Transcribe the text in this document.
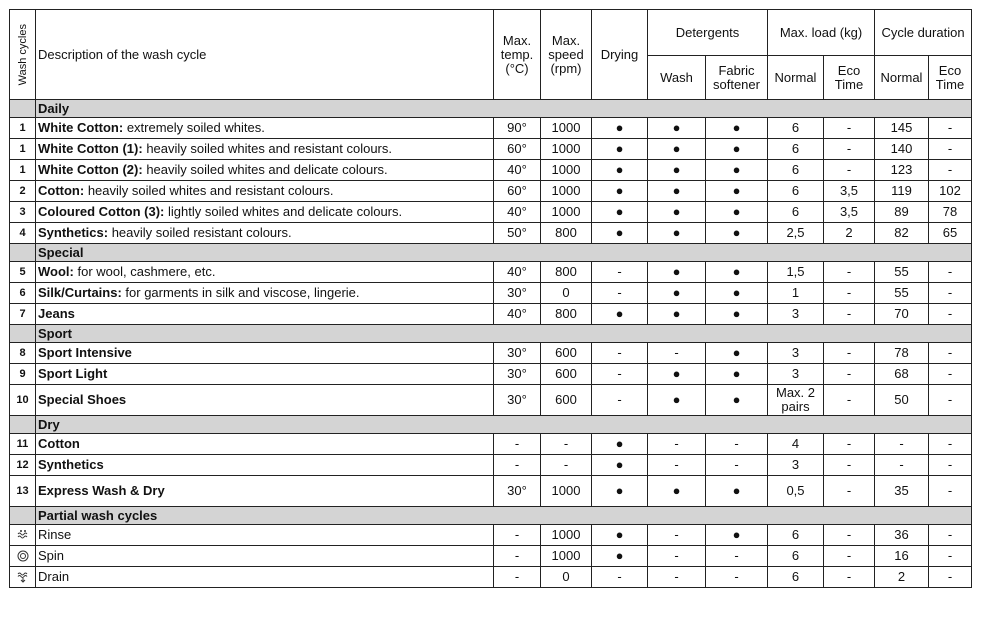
Wash cycles	Description of the wash cycle	Max. temp. (°C)	Max. speed (rpm)	Drying	Detergents		Max. load (kg)		Cycle duration	
					Wash	Fabric softener	Normal	Eco Time	Normal	Eco Time
	Daily									
1	White Cotton: extremely soiled whites.	90°	1000	●	●	●	6	-	145	-
1	White Cotton (1): heavily soiled whites and resistant colours.	60°	1000	●	●	●	6	-	140	-
1	White Cotton (2): heavily soiled whites and delicate colours.	40°	1000	●	●	●	6	-	123	-
2	Cotton: heavily soiled whites and resistant colours.	60°	1000	●	●	●	6	3,5	119	102
3	Coloured Cotton (3): lightly soiled whites and delicate colours.	40°	1000	●	●	●	6	3,5	89	78
4	Synthetics: heavily soiled resistant colours.	50°	800	●	●	●	2,5	2	82	65
	Special									
5	Wool: for wool, cashmere, etc.	40°	800	-	●	●	1,5	-	55	-
6	Silk/Curtains: for garments in silk and viscose, lingerie.	30°	0	-	●	●	1	-	55	-
7	Jeans	40°	800	●	●	●	3	-	70	-
	Sport									
8	Sport Intensive	30°	600	-	-	●	3	-	78	-
9	Sport Light	30°	600	-	●	●	3	-	68	-
10	Special Shoes	30°	600	-	●	●	Max. 2 pairs	-	50	-
	Dry									
11	Cotton	-	-	●	-	-	4	-	-	-
12	Synthetics	-	-	●	-	-	3	-	-	-
13	Express Wash & Dry	30°	1000	●	●	●	0,5	-	35	-
	Partial wash cycles									
	Rinse	-	1000	●	-	●	6	-	36	-
	Spin	-	1000	●	-	-	6	-	16	-
	Drain	-	0	-	-	-	6	-	2	-
